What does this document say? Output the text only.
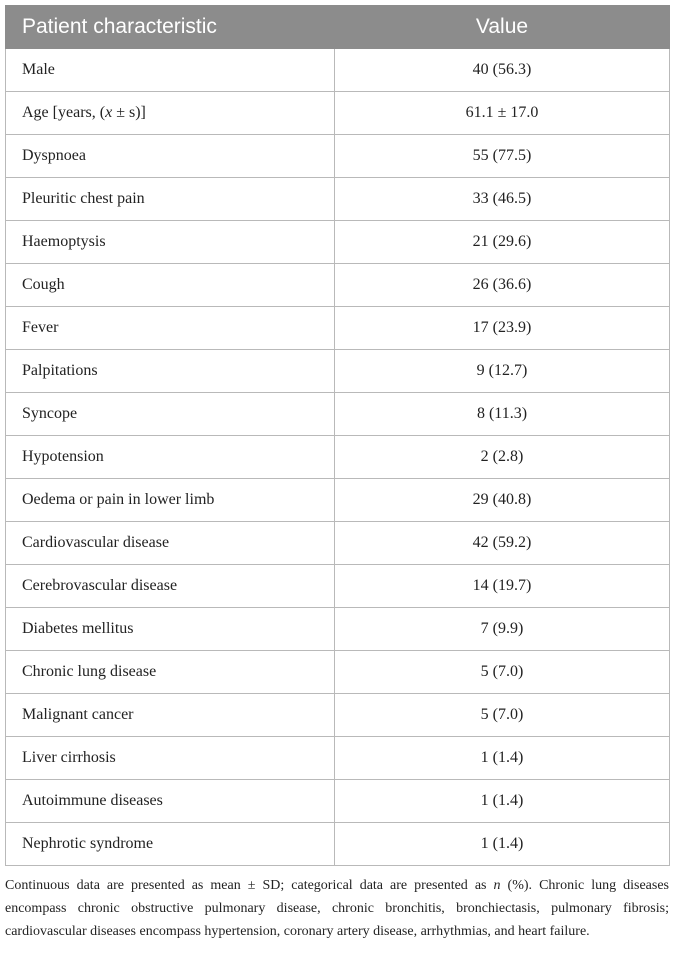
Patient characteristic	Value
Male	40 (56.3)
Age [years, (x ± s)]	61.1 ± 17.0
Dyspnoea	55 (77.5)
Pleuritic chest pain	33 (46.5)
Haemoptysis	21 (29.6)
Cough	26 (36.6)
Fever	17 (23.9)
Palpitations	9 (12.7)
Syncope	8 (11.3)
Hypotension	2 (2.8)
Oedema or pain in lower limb	29 (40.8)
Cardiovascular disease	42 (59.2)
Cerebrovascular disease	14 (19.7)
Diabetes mellitus	7 (9.9)
Chronic lung disease	5 (7.0)
Malignant cancer	5 (7.0)
Liver cirrhosis	1 (1.4)
Autoimmune diseases	1 (1.4)
Nephrotic syndrome	1 (1.4)
Continuous data are presented as mean ± SD; categorical data are presented as n (%). Chronic lung diseases encompass chronic obstructive pulmonary disease, chronic bronchitis, bronchiectasis, pulmonary fibrosis; cardiovascular diseases encompass hypertension, coronary artery disease, arrhythmias, and heart failure.
